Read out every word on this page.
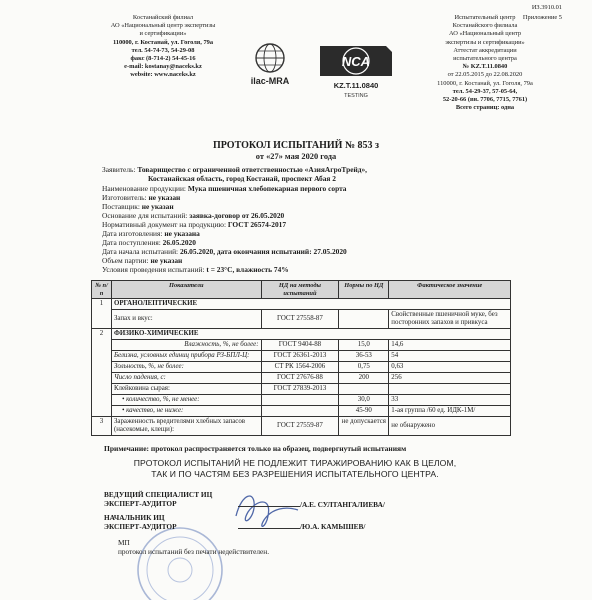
ИЗ.3910.01
Приложение 5
Костанайский филиал
АО «Национальный центр экспертизы
и сертификации»
110000, г. Костанай, ул. Гоголя, 79а
тел. 54-74-73, 54-29-08
факс (8-714-2) 54-45-16
e-mail: kostanay@naceks.kz
website: www.naceks.kz
ilac-MRA
NCA
KZ.T.11.0840
TESTING
Испытательный центр
Костанайского филиала
АО «Национальный центр
экспертизы и сертификации»
Аттестат аккредитации
испытательного центра
№ KZ.T.11.0840
от 22.05.2015 до 22.08.2020
110000, г. Костанай, ул. Гоголя, 79а
тел. 54-29-37, 57-05-64,
52-20-66 (вн. 7706, 7715, 7761)
Всего страниц: одна
ПРОТОКОЛ ИСПЫТАНИЙ № 853 з
от «27» мая 2020 года
Заявитель: Товарищество с ограниченной ответственностью «АзияАгроТрейд»,
Костанайская область, город Костанай, проспект Абая 2
Наименование продукции: Мука пшеничная хлебопекарная первого сорта
Изготовитель: не указан
Поставщик: не указан
Основание для испытаний: заявка-договор от 26.05.2020
Нормативный документ на продукцию: ГОСТ 26574-2017
Дата изготовления: не указана
Дата поступления: 26.05.2020
Дата начала испытаний: 26.05.2020, дата окончания испытаний: 27.05.2020
Объем партии: не указан
Условия проведения испытаний: t = 23°С, влажность 74%
№ п/п	Показатели	НД на методы испытаний	Нормы по НД	Фактическое значение
1	ОРГАНОЛЕПТИЧЕСКИЕ			
	Запах и вкус:	ГОСТ 27558-87		Свойственные пшеничной муке, без посторонних запахов и привкуса
2	ФИЗИКО-ХИМИЧЕСКИЕ			
	Влажность, %, не более:	ГОСТ 9404-88	15,0	14,6
	Белизна, условных единиц прибора РЗ-БПЛ-Ц:	ГОСТ 26361-2013	36-53	54
	Зольность, %, не более:	СТ РК 1564-2006	0,75	0,63
	Число падения, с:	ГОСТ 27676-88	200	256
	Клейковина сырая:	ГОСТ 27839-2013		
	• количество, %, не менее:		30,0	33
	• качество, не ниже:		45-90	1-ая группа /60 ед. ИДК-1М/
3	Зараженность вредителями хлебных запасов (насекомые, клещи):	ГОСТ 27559-87	не допускается	не обнаружено
Примечание: протокол распространяется только на образец, подвергнутый испытаниям
ПРОТОКОЛ ИСПЫТАНИЙ НЕ ПОДЛЕЖИТ ТИРАЖИРОВАНИЮ КАК В ЦЕЛОМ,
ТАК И ПО ЧАСТЯМ БЕЗ РАЗРЕШЕНИЯ ИСПЫТАТЕЛЬНОГО ЦЕНТРА.
ВЕДУЩИЙ СПЕЦИАЛИСТ ИЦ
ЭКСПЕРТ-АУДИТОР	/А.Е. СУЛТАНГАЛИЕВА/
НАЧАЛЬНИК ИЦ
ЭКСПЕРТ-АУДИТОР	/Ю.А. КАМЫШЕВ/
МП
протокол испытаний без печати недействителен.
